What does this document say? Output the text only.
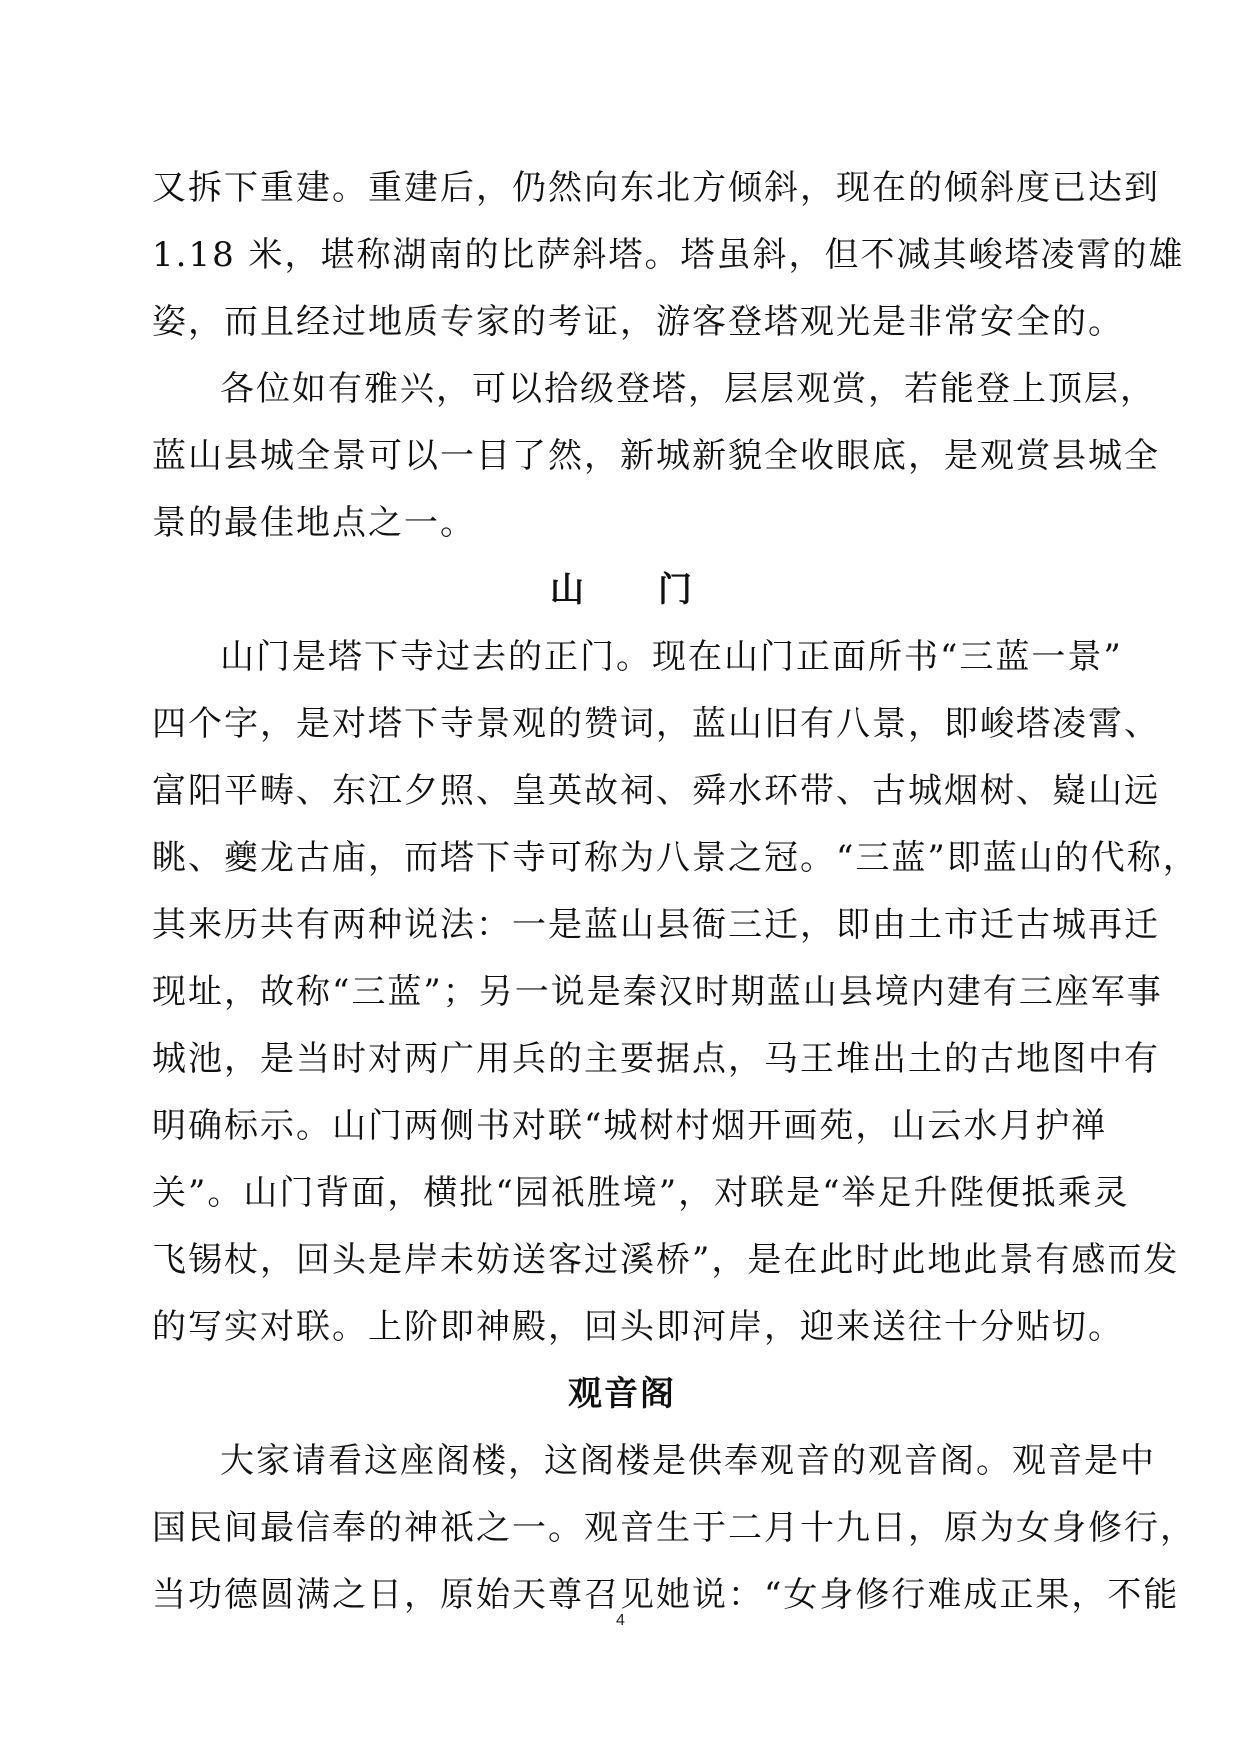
又拆下重建。重建后，仍然向东北方倾斜，现在的倾斜度已达到
1.18 米，堪称湖南的比萨斜塔。塔虽斜，但不减其峻塔凌霄的雄
姿，而且经过地质专家的考证，游客登塔观光是非常安全的。
各位如有雅兴，可以拾级登塔，层层观赏，若能登上顶层，
蓝山县城全景可以一目了然，新城新貌全收眼底，是观赏县城全
景的最佳地点之一。
山　　门
山门是塔下寺过去的正门。现在山门正面所书“三蓝一景”
四个字，是对塔下寺景观的赞词，蓝山旧有八景，即峻塔凌霄、
富阳平畴、东江夕照、皇英故祠、舜水环带、古城烟树、嶷山远
眺、夔龙古庙，而塔下寺可称为八景之冠。“三蓝”即蓝山的代称，
其来历共有两种说法：一是蓝山县衙三迁，即由土市迁古城再迁
现址，故称“三蓝”；另一说是秦汉时期蓝山县境内建有三座军事
城池，是当时对两广用兵的主要据点，马王堆出土的古地图中有
明确标示。山门两侧书对联“城树村烟开画苑，山云水月护禅
关”。山门背面，横批“园祇胜境”，对联是“举足升陛便抵乘灵
飞锡杖，回头是岸未妨送客过溪桥”，是在此时此地此景有感而发
的写实对联。上阶即神殿，回头即河岸，迎来送往十分贴切。
观音阁
大家请看这座阁楼，这阁楼是供奉观音的观音阁。观音是中
国民间最信奉的神祇之一。观音生于二月十九日，原为女身修行，
当功德圆满之日，原始天尊召见她说：“女身修行难成正果，不能
4
